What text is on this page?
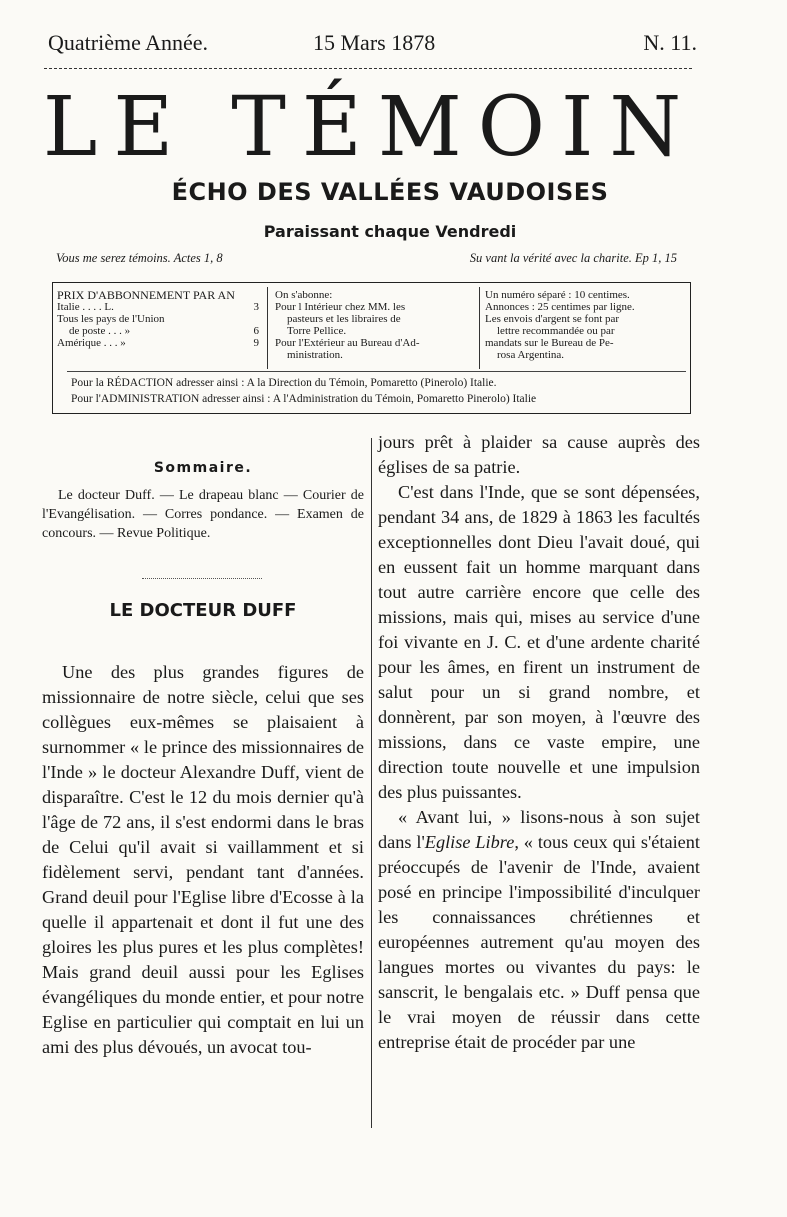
Quatrième Année.	15 Mars 1878	N. 11.
LE TÉMOIN
ÉCHO DES VALLÉES VAUDOISES
Paraissant chaque Vendredi
Vous me serez témoins. Actes 1, 8	Su vant la vérité avec la charite. Ep 1, 15
PRIX D'ABBONNEMENT PAR AN
Italie . . . . L.	3
Tous les pays de l'Union
de poste . . . »	6
Amérique . . . »	9
On s'abonne:
Pour l Intérieur chez MM. les
pasteurs et les libraires de
Torre Pellice.
Pour l'Extérieur au Bureau d'Ad-
ministration.
Un numéro séparé : 10 centimes.
Annonces : 25 centimes par ligne.
Les envois d'argent se font par
lettre recommandée ou par
mandats sur le Bureau de Pe-
rosa Argentina.
Pour la RÉDACTION adresser ainsi : A la Direction du Témoin, Pomaretto (Pinerolo) Italie.
Pour l'ADMINISTRATION adresser ainsi : A l'Administration du Témoin, Pomaretto Pinerolo) Italie
Sommaire.
Le docteur Duff. — Le drapeau blanc — Courier de l'Evangélisation. — Corres pondance. — Examen de concours. — Revue Politique.
LE DOCTEUR DUFF

Une des plus grandes figures de missionnaire de notre siècle, celui que ses collègues eux-mêmes se plaisaient à surnommer « le prince des missionnaires de l'Inde » le docteur Alexandre Duff, vient de disparaître. C'est le 12 du mois dernier qu'à l'âge de 72 ans, il s'est endormi dans le bras de Celui qu'il avait si vaillamment et si fidèlement servi, pendant tant d'années. Grand deuil pour l'Eglise libre d'Ecosse à la quelle il appartenait et dont il fut une des gloires les plus pures et les plus complètes! Mais grand deuil aussi pour les Eglises évangéliques du monde entier, et pour notre Eglise en particulier qui comptait en lui un ami des plus dévoués, un avocat tou-

jours prêt à plaider sa cause auprès des églises de sa patrie.

C'est dans l'Inde, que se sont dépensées, pendant 34 ans, de 1829 à 1863 les facultés exceptionnelles dont Dieu l'avait doué, qui en eussent fait un homme marquant dans tout autre carrière encore que celle des missions, mais qui, mises au service d'une foi vivante en J. C. et d'une ardente charité pour les âmes, en firent un instrument de salut pour un si grand nombre, et donnèrent, par son moyen, à l'œuvre des missions, dans ce vaste empire, une direction toute nouvelle et une impulsion des plus puissantes.

« Avant lui, » lisons-nous à son sujet dans l'Eglise Libre, « tous ceux qui s'étaient préoccupés de l'avenir de l'Inde, avaient posé en principe l'impossibilité d'inculquer les connaissances chrétiennes et européennes autrement qu'au moyen des langues mortes ou vivantes du pays: le sanscrit, le bengalais etc. » Duff pensa que le vrai moyen de réussir dans cette entreprise était de procéder par une
